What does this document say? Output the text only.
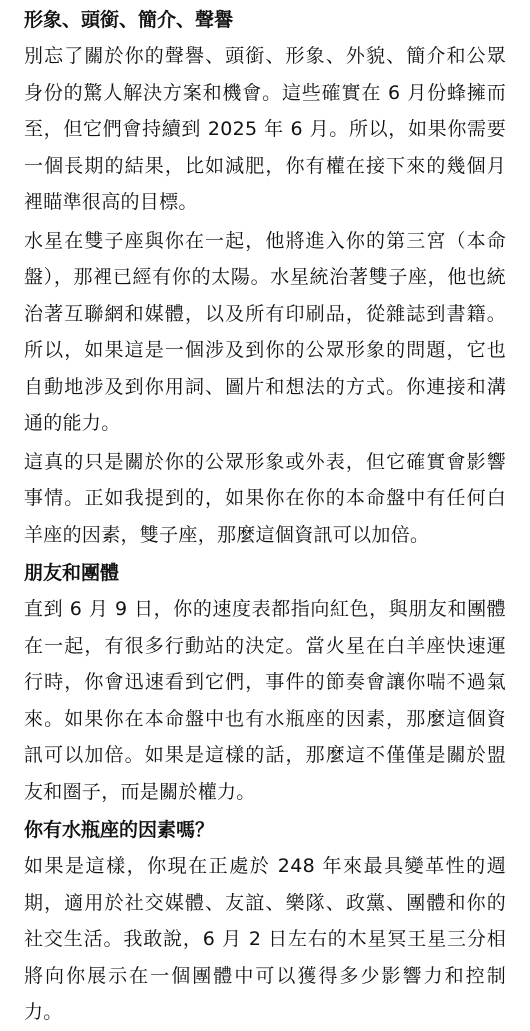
形象、頭銜、簡介、聲譽

別忘了關於你的聲譽、頭銜、形象、外貌、簡介和公眾身份的驚人解決方案和機會。這些確實在 6 月份蜂擁而至，但它們會持續到 2025 年 6 月。所以，如果你需要一個長期的結果，比如減肥，你有權在接下來的幾個月裡瞄準很高的目標。

水星在雙子座與你在一起，他將進入你的第三宮（本命盤），那裡已經有你的太陽。水星統治著雙子座，他也統治著互聯網和媒體，以及所有印刷品，從雜誌到書籍。所以，如果這是一個涉及到你的公眾形象的問題，它也自動地涉及到你用詞、圖片和想法的方式。你連接和溝通的能力。

這真的只是關於你的公眾形象或外表，但它確實會影響事情。正如我提到的，如果你在你的本命盤中有任何白羊座的因素，雙子座，那麼這個資訊可以加倍。

朋友和團體

直到 6 月 9 日，你的速度表都指向紅色，與朋友和團體在一起，有很多行動站的決定。當火星在白羊座快速運行時，你會迅速看到它們，事件的節奏會讓你喘不過氣來。如果你在本命盤中也有水瓶座的因素，那麼這個資訊可以加倍。如果是這樣的話，那麼這不僅僅是關於盟友和圈子，而是關於權力。

你有水瓶座的因素嗎？

如果是這樣，你現在正處於 248 年來最具變革性的週期，適用於社交媒體、友誼、樂隊、政黨、團體和你的社交生活。我敢說，6 月 2 日左右的木星冥王星三分相將向你展示在一個團體中可以獲得多少影響力和控制力。
